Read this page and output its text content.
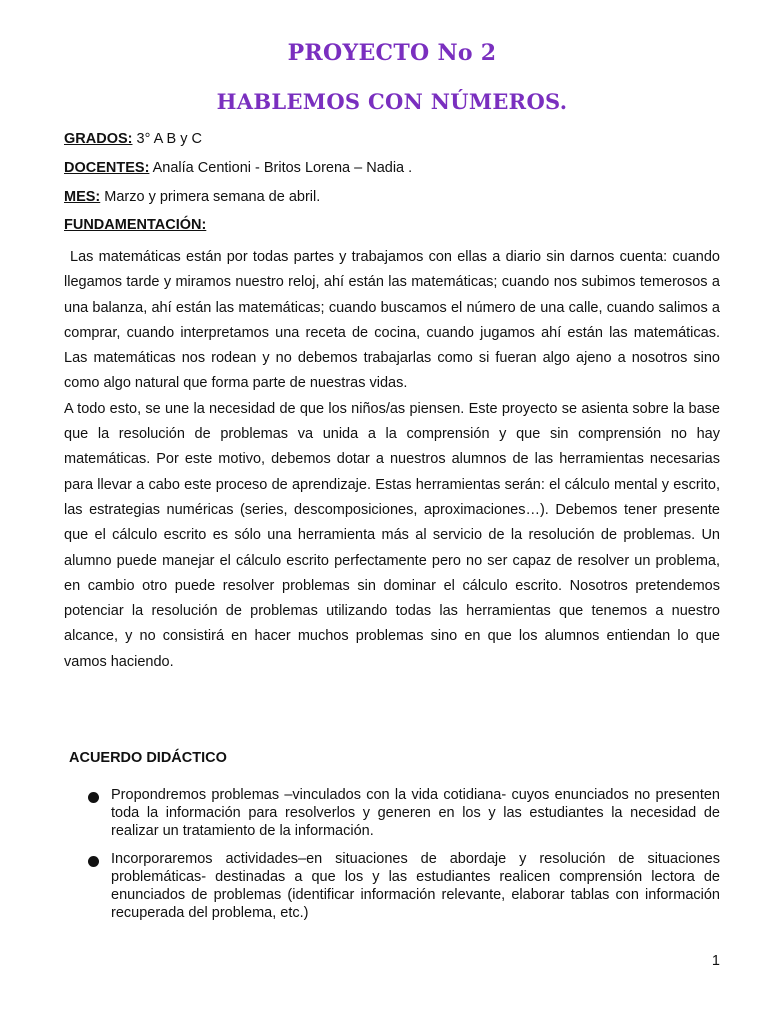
PROYECTO No 2
HABLEMOS CON NÚMEROS.

GRADOS: 3° A B y C

DOCENTES: Analía Centioni - Britos Lorena – Nadia .

MES: Marzo y primera semana de abril.

FUNDAMENTACIÓN:

Las matemáticas están por todas partes y trabajamos con ellas a diario sin darnos cuenta: cuando llegamos tarde y miramos nuestro reloj, ahí están las matemáticas; cuando nos subimos temerosos a una balanza, ahí están las matemáticas; cuando buscamos el número de una calle, cuando salimos a comprar, cuando interpretamos una receta de cocina, cuando jugamos ahí están las matemáticas. Las matemáticas nos rodean y no debemos trabajarlas como si fueran algo ajeno a nosotros sino como algo natural que forma parte de nuestras vidas.

A todo esto, se une la necesidad de que los niños/as piensen. Este proyecto se asienta sobre la base que la resolución de problemas va unida a la comprensión y que sin comprensión no hay matemáticas. Por este motivo, debemos dotar a nuestros alumnos de las herramientas necesarias para llevar a cabo este proceso de aprendizaje. Estas herramientas serán: el cálculo mental y escrito, las estrategias numéricas (series, descomposiciones, aproximaciones…). Debemos tener presente que el cálculo escrito es sólo una herramienta más al servicio de la resolución de problemas. Un alumno puede manejar el cálculo escrito perfectamente pero no ser capaz de resolver un problema, en cambio otro puede resolver problemas sin dominar el cálculo escrito. Nosotros pretendemos potenciar la resolución de problemas utilizando todas las herramientas que tenemos a nuestro alcance, y no consistirá en hacer muchos problemas sino en que los alumnos entiendan lo que vamos haciendo.

ACUERDO DIDÁCTICO

Propondremos problemas –vinculados con la vida cotidiana- cuyos enunciados no presenten toda la información para resolverlos y generen en los y las estudiantes la necesidad de realizar un tratamiento de la información.
Incorporaremos actividades–en situaciones de abordaje y resolución de situaciones problemáticas- destinadas a que los y las estudiantes realicen comprensión lectora de enunciados de problemas (identificar información relevante, elaborar tablas con información recuperada del problema, etc.)

1
